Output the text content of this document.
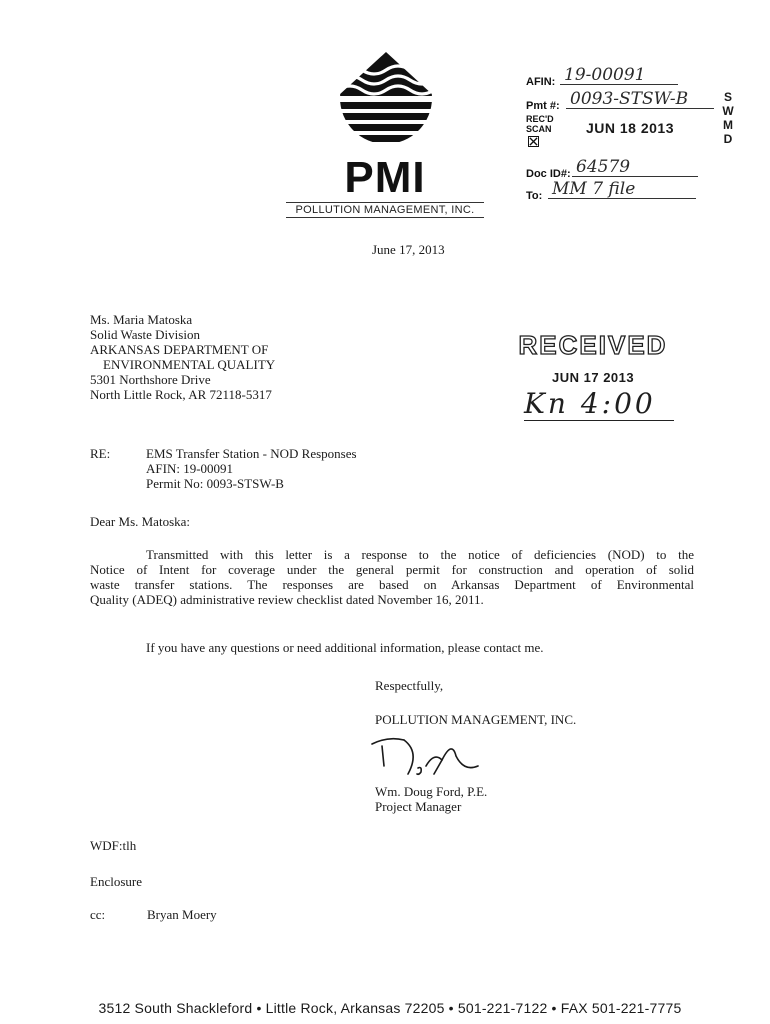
PMI
POLLUTION MANAGEMENT, INC.
AFIN: 19-00091
Pmt #: 0093-STSW-B
REC'D
SCAN	JUN 18 2013
Doc ID#: 64579
To: MM 7 file
S
W
M
D
June 17, 2013
Ms. Maria Matoska
Solid Waste Division
ARKANSAS DEPARTMENT OF
ENVIRONMENTAL QUALITY
5301 Northshore Drive
North Little Rock, AR 72118-5317
RECEIVED
JUN 17 2013
Kn 4:00
RE:	EMS Transfer Station - NOD Responses
AFIN: 19-00091
Permit No: 0093-STSW-B
Dear Ms. Matoska:
Transmitted with this letter is a response to the notice of deficiencies (NOD) to the
Notice of Intent for coverage under the general permit for construction and operation of solid
waste transfer stations. The responses are based on Arkansas Department of Environmental
Quality (ADEQ) administrative review checklist dated November 16, 2011.
If you have any questions or need additional information, please contact me.
Respectfully,
POLLUTION MANAGEMENT, INC.
Wm. Doug Ford, P.E.
Project Manager
WDF:tlh
Enclosure
cc:	Bryan Moery
3512 South Shackleford • Little Rock, Arkansas 72205 • 501-221-7122 • FAX 501-221-7775
